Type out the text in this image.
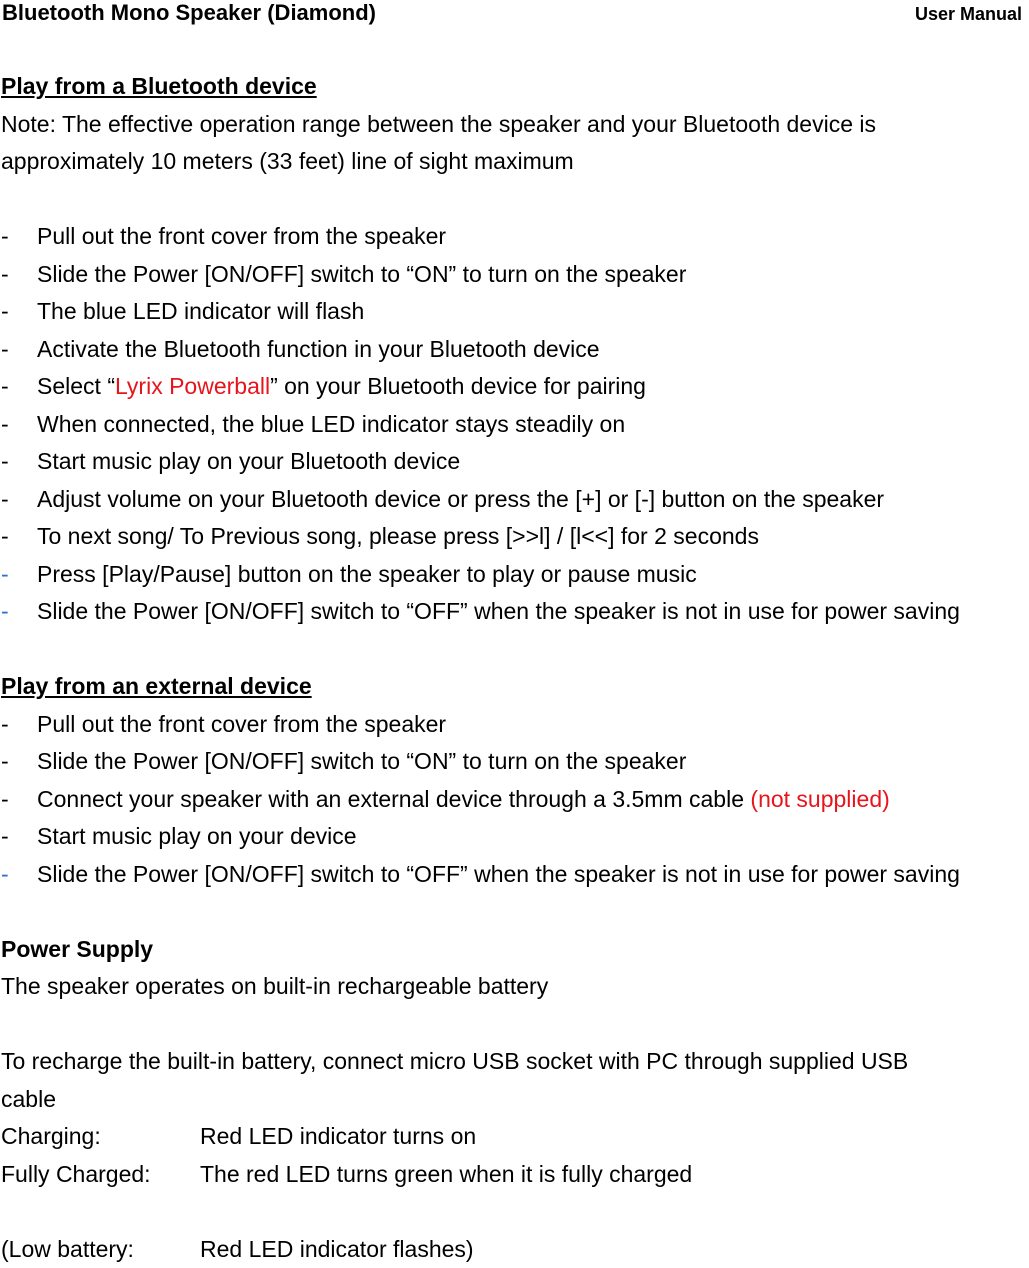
Bluetooth Mono Speaker (Diamond)	User Manual
Play from a Bluetooth device
Note: The effective operation range between the speaker and your Bluetooth device is
approximately 10 meters (33 feet) line of sight maximum
-	Pull out the front cover from the speaker
-	Slide the Power [ON/OFF] switch to “ON” to turn on the speaker
-	The blue LED indicator will flash
-	Activate the Bluetooth function in your Bluetooth device
-	Select “Lyrix Powerball” on your Bluetooth device for pairing
-	When connected, the blue LED indicator stays steadily on
-	Start music play on your Bluetooth device
-	Adjust volume on your Bluetooth device or press the [+] or [-] button on the speaker
-	To next song/ To Previous song, please press [>>l] / [l<<] for 2 seconds
-	Press [Play/Pause] button on the speaker to play or pause music
-	Slide the Power [ON/OFF] switch to “OFF” when the speaker is not in use for power saving
Play from an external device
-	Pull out the front cover from the speaker
-	Slide the Power [ON/OFF] switch to “ON” to turn on the speaker
-	Connect your speaker with an external device through a 3.5mm cable (not supplied)
-	Start music play on your device
-	Slide the Power [ON/OFF] switch to “OFF” when the speaker is not in use for power saving
Power Supply
The speaker operates on built-in rechargeable battery
To recharge the built-in battery, connect micro USB socket with PC through supplied USB
cable
Charging:	Red LED indicator turns on
Fully Charged: The red LED turns green when it is fully charged
(Low battery:	Red LED indicator flashes)
